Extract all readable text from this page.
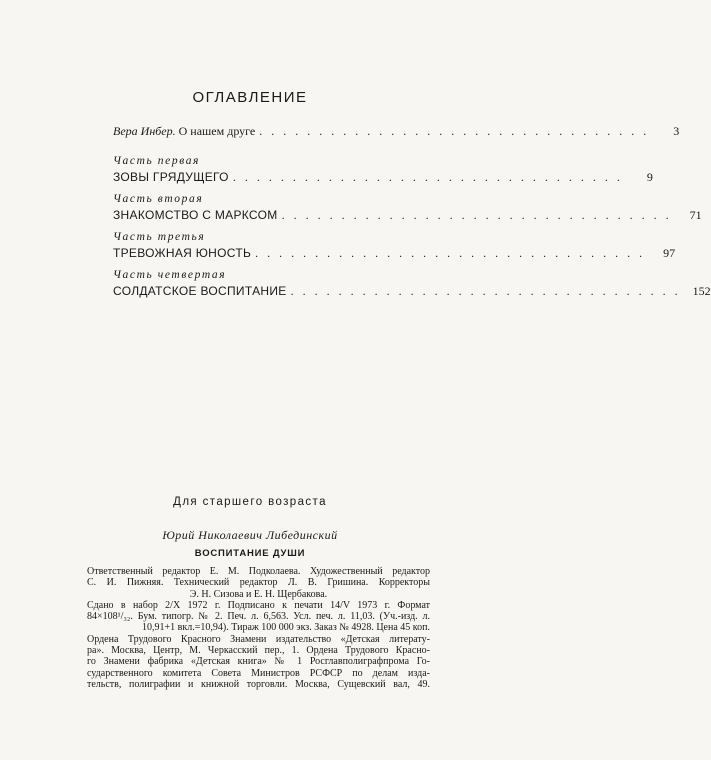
ОГЛАВЛЕНИЕ
Вера Инбер. О нашем друге . . . . . . . . . . . . . . . . . . . . . . . . . . . . . . . . .	3
Часть первая
ЗОВЫ ГРЯДУЩЕГО . . . . . . . . . . . . . . . . . . . . . . . . . . . . . . . . .	9
Часть вторая
ЗНАКОМСТВО С МАРКСОМ . . . . . . . . . . . . . . . . . . . . . . . . . . . . . . . . .	71
Часть третья
ТРЕВОЖНАЯ ЮНОСТЬ . . . . . . . . . . . . . . . . . . . . . . . . . . . . . . . . .	97
Часть четвертая
СОЛДАТСКОЕ ВОСПИТАНИЕ . . . . . . . . . . . . . . . . . . . . . . . . . . . . . . . . .	152
Для старшего возраста
Юрий Николаевич Либединский
ВОСПИТАНИЕ ДУШИ
Ответственный редактор Е. М. Подколаева. Художественный редактор
С. И. Пижняя. Технический редактор Л. В. Гришина. Корректоры
Э. Н. Сизова и Е. Н. Щербакова.
Сдано в набор 2/X 1972 г. Подписано к печати 14/V 1973 г. Формат
84×108¹/₃₂. Бум. типогр. № 2. Печ. л. 6,563. Усл. печ. л. 11,03. (Уч.-изд. л.
10,91+1 вкл.=10,94). Тираж 100 000 экз. Заказ № 4928. Цена 45 коп.
Ордена Трудового Красного Знамени издательство «Детская литерату-
ра». Москва, Центр, М. Черкасский пер., 1. Ордена Трудового Красно-
го Знамени фабрика «Детская книга» № 1 Росглавполиграфпрома Го-
сударственного комитета Совета Министров РСФСР по делам изда-
тельств, полиграфии и книжной торговли. Москва, Сущевский вал, 49.
